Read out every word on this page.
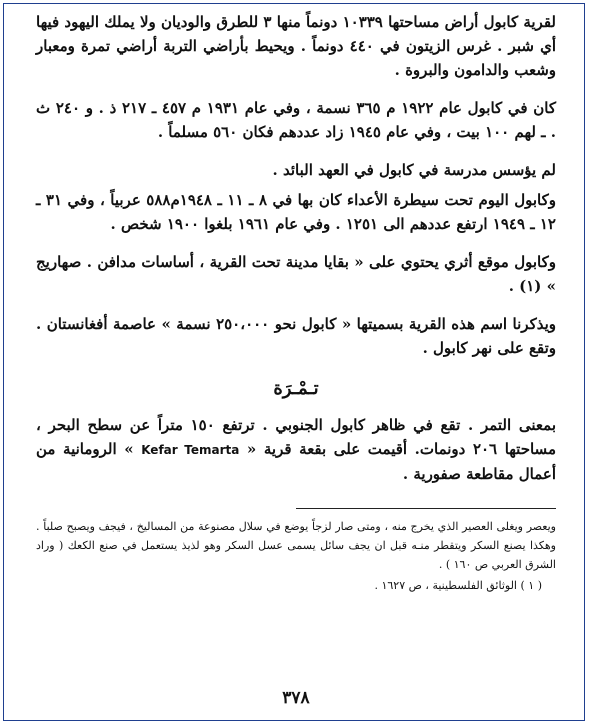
لقرية كابول أراض مساحتها ١٠٣٣٩ دونماً منها ٣ للطرق والوديان ولا يملك اليهود فيها أي شبر . غرس الزيتون في ٤٤٠ دونماً . ويحيط بأراضي التربة أراضي تمرة ومعبار وشعب والدامون والبروة .

كان في كابول عام ١٩٢٢ م ٣٦٥ نسمة ، وفي عام ١٩٣١ م ٤٥٧ ـ ٢١٧ ذ . و ٢٤٠ ث . ـ لهم ١٠٠ بيت ، وفي عام ١٩٤٥ زاد عددهم فكان ٥٦٠ مسلماً .

لم يؤسس مدرسة في كابول في العهد البائد .

وكابول اليوم تحت سيطرة الأعداء كان بها في ٨ ـ ١١ ـ ١٩٤٨م٥٨٨ عربياً ، وفي ٣١ ـ ١٢ ـ ١٩٤٩ ارتفع عددهم الى ١٢٥١ . وفي عام ١٩٦١ بلغوا ١٩٠٠ شخص .

وكابول موقع أثري يحتوي على « بقايا مدينة تحت القرية ، أساسات مدافن . صهاريج » (١) .

ويذكرنا اسم هذه القرية بسميتها « كابول نحو ٢٥٠،٠٠٠ نسمة » عاصمة أفغانستان . وتقع على نهر كابول .

تـمْـرَة

بمعنى التمر . تقع في ظاهر كابول الجنوبي . ترتفع ١٥٠ متراً عن سطح البحر ، مساحتها ٢٠٦ دونمات. أقيمت على بقعة قرية « Kefar Temarta » الرومانية من أعمال مقاطعة صفورية .

ويعصر ويغلى العصير الذي يخرج منه ، ومتى صار لزجاً يوضع في سلال مصنوعة من المساليخ ، فيجف ويصبح صلباً . وهكذا يصنع السكر ويتقطر منـه قبل ان يجف سائل يسمى عسل السكر وهو لذيذ يستعمل في صنع الكعك ( وراد الشرق العربي ص ١٦٠ ) .

( ١ ) الوثائق الفلسطينية ، ص ١٦٢٧ .

٣٧٨
